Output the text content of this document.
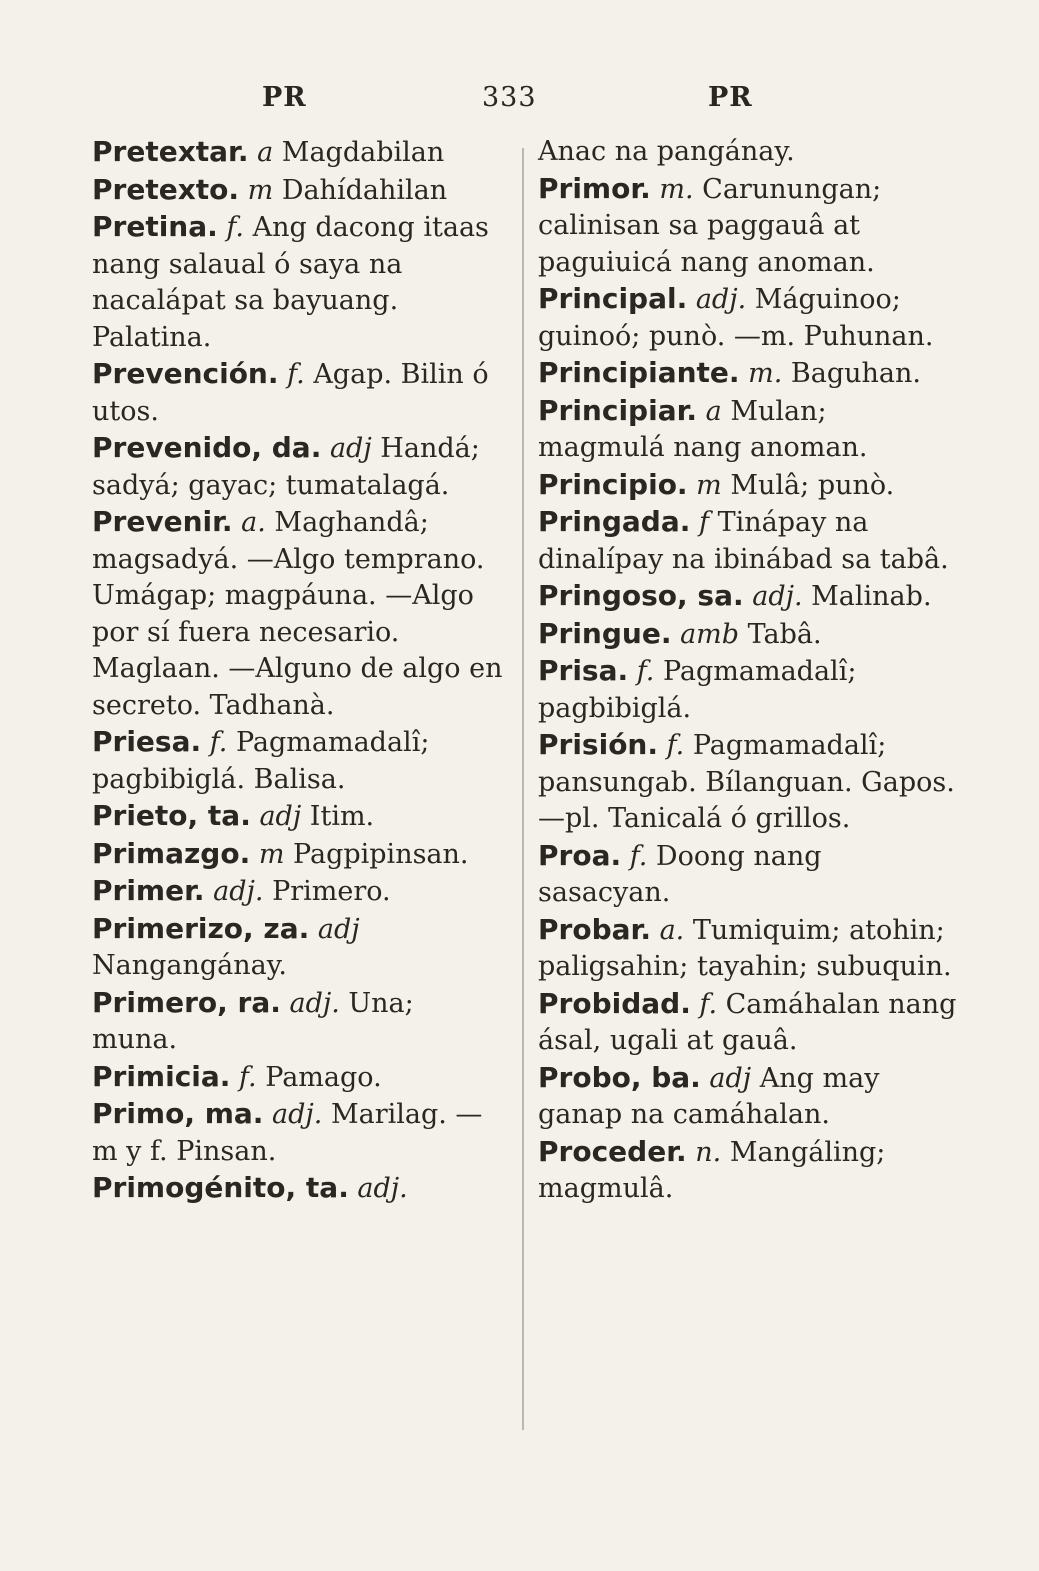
PR	333	PR

Pretextar. a Magdabilan

Pretexto. m Dahídahilan

Pretina. f. Ang dacong itaas nang salaual ó saya na nacalápat sa bayuang. Palatina.

Prevención. f. Agap. Bilin ó utos.

Prevenido, da. adj Handá; sadyá; gayac; tumatalagá.

Prevenir. a. Maghandâ; magsadyá. —Algo temprano. Umágap; magpáuna. —Algo por sí fuera necesario. Maglaan. —Alguno de algo en secreto. Tadhanà.

Priesa. f. Pagmamadalî; pagbibiglá. Balisa.

Prieto, ta. adj Itim.

Primazgo. m Pagpipinsan.

Primer. adj. Primero.

Primerizo, za. adj Nangangánay.

Primero, ra. adj. Una; muna.

Primicia. f. Pamago.

Primo, ma. adj. Marilag. —m y f. Pinsan.

Primogénito, ta. adj.

Anac na pangánay.

Primor. m. Carunungan; calinisan sa paggauâ at paguiuicá nang anoman.

Principal. adj. Máguinoo; guinoó; punò. —m. Puhunan.

Principiante. m. Baguhan.

Principiar. a Mulan; magmulá nang anoman.

Principio. m Mulâ; punò.

Pringada. f Tinápay na dinalípay na ibinábad sa tabâ.

Pringoso, sa. adj. Malinab.

Pringue. amb Tabâ.

Prisa. f. Pagmamadalî; pagbibiglá.

Prisión. f. Pagmamadalî; pansungab. Bílanguan. Gapos. —pl. Tanicalá ó grillos.

Proa. f. Doong nang sasacyan.

Probar. a. Tumiquim; atohin; paligsahin; tayahin; subuquin.

Probidad. f. Camáhalan nang ásal, ugali at gauâ.

Probo, ba. adj Ang may ganap na camáhalan.

Proceder. n. Mangáling; magmulâ.
